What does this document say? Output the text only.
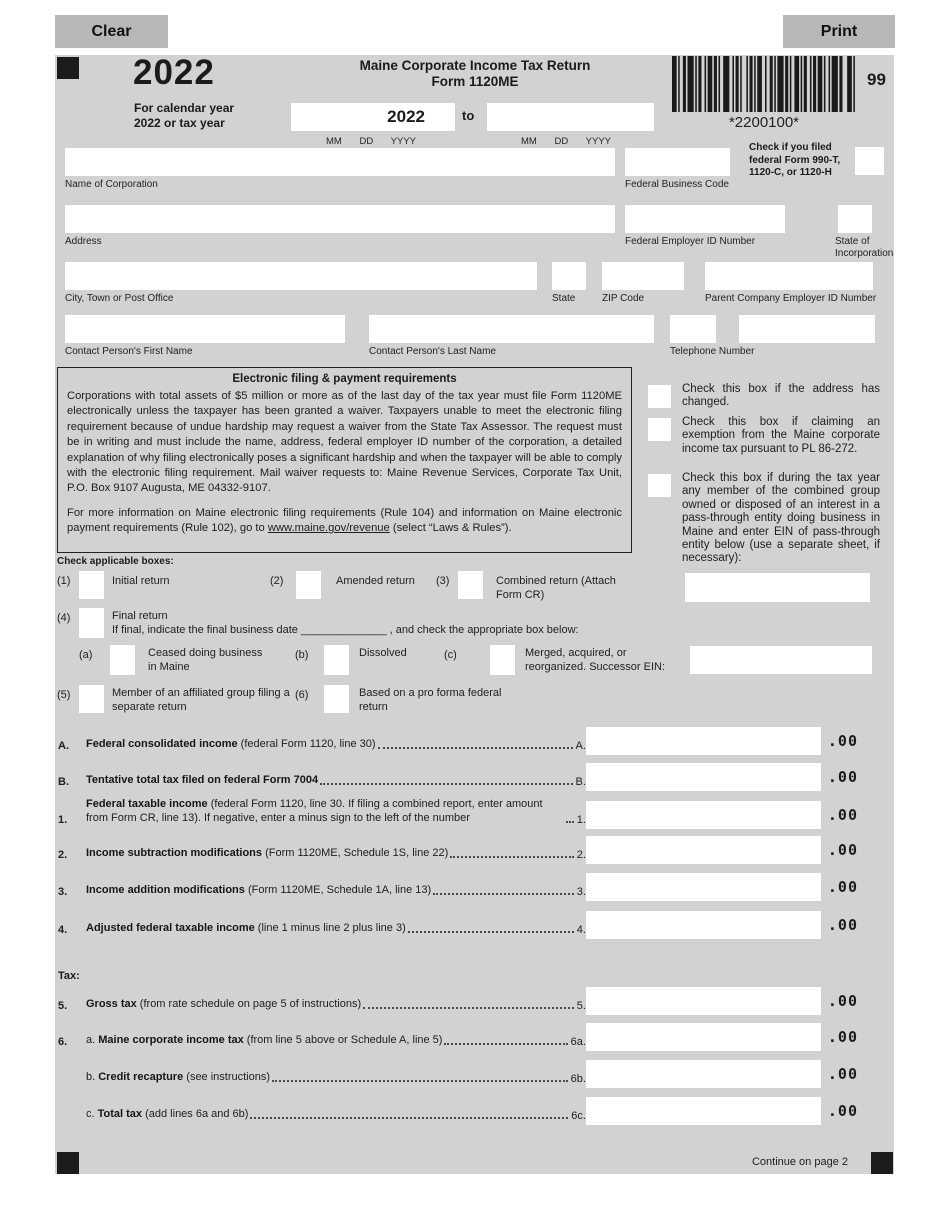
Clear	Print
2022
For calendar year
2022 or tax year
Maine Corporate Income Tax Return
Form 1120ME
2022	to
MM DD YYYY	MM DD YYYY
*2200100*
99
Name of Corporation	Federal Business Code
Check if you filed federal Form 990-T, 1120-C, or 1120-H
Address	Federal Employer ID Number	State of Incorporation
City, Town or Post Office	State	ZIP Code	Parent Company Employer ID Number
Contact Person's First Name	Contact Person's Last Name	Telephone Number
Electronic filing & payment requirements
Corporations with total assets of $5 million or more as of the last day of the tax year must file Form 1120ME electronically unless the taxpayer has been granted a waiver. Taxpayers unable to meet the electronic filing requirement because of undue hardship may request a waiver from the State Tax Assessor. The request must be in writing and must include the name, address, federal employer ID number of the corporation, a detailed explanation of why filing electronically poses a significant hardship and when the taxpayer will be able to comply with the electronic filing requirement. Mail waiver requests to: Maine Revenue Services, Corporate Tax Unit, P.O. Box 9107 Augusta, ME 04332-9107.
For more information on Maine electronic filing requirements (Rule 104) and information on Maine electronic payment requirements (Rule 102), go to www.maine.gov/revenue (select “Laws & Rules”).
Check this box if the address has changed.
Check this box if claiming an exemption from the Maine corporate income tax pursuant to PL 86-272.
Check this box if during the tax year any member of the combined group owned or disposed of an interest in a pass-through entity doing business in Maine and enter EIN of pass-through entity below (use a separate sheet, if necessary):
Check applicable boxes:
(1)	Initial return	(2)	Amended return (3)	Combined return (Attach Form CR)
(4)	Final return
If final, indicate the final business date ______________ , and check the appropriate box below:
(a)	Ceased doing business in Maine
(b)	Dissolved	(c)	Merged, acquired, or reorganized. Successor EIN:
(5)	Member of an affiliated group filing a separate return
(6)	Based on a pro forma federal return
A.	Federal consolidated income (federal Form 1120, line 30)	A.	.00
B.	Tentative total tax filed on federal Form 7004	B.	.00
1.
Federal taxable income (federal Form 1120, line 30. If filing a combined report, enter amount from Form CR, line 13). If negative, enter a minus sign to the left of the number	1.	.00
2.	Income subtraction modifications (Form 1120ME, Schedule 1S, line 22)	2.	.00
3.	Income addition modifications (Form 1120ME, Schedule 1A, line 13)	3.	.00
4.	Adjusted federal taxable income (line 1 minus line 2 plus line 3)	4.	.00
5.	Gross tax (from rate schedule on page 5 of instructions)	5.	.00
6.	a. Maine corporate income tax (from line 5 above or Schedule A, line 5)	6a.	.00
b. Credit recapture (see instructions)	6b.	.00
c. Total tax (add lines 6a and 6b)	6c.	.00
Tax:
Continue on page 2
